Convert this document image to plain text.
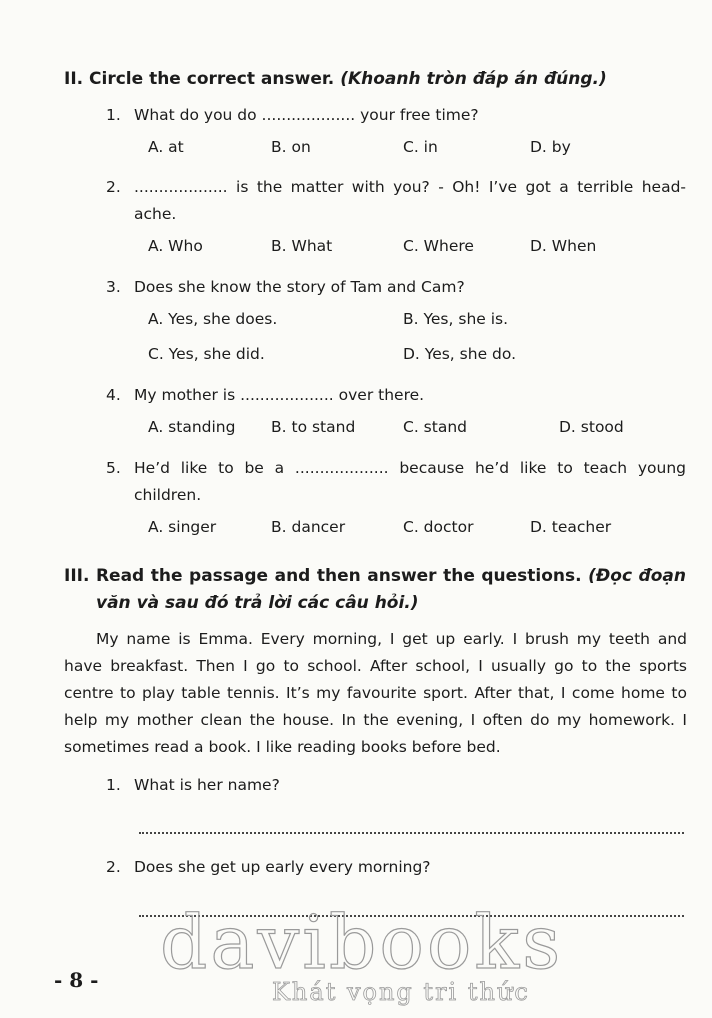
II. Circle the correct answer. (Khoanh tròn đáp án đúng.)
1. What do you do ................... your free time?
A. at	B. on	C. in	D. by
2. ................... is the matter with you? - Oh! I’ve got a terrible head-
ache.
A. Who	B. What	C. Where	D. When
3. Does she know the story of Tam and Cam?
A. Yes, she does.	B. Yes, she is.
C. Yes, she did.	D. Yes, she do.
4. My mother is ................... over there.
A. standing B. to stand	C. stand	D. stood
5. He’d like to be a ................... because he’d like to teach young
children.
A. singer	B. dancer	C. doctor	D. teacher
III. Read the passage and then answer the questions. (Đọc đoạn
văn và sau đó trả lời các câu hỏi.)
My name is Emma. Every morning, I get up early. I brush my teeth and have breakfast. Then I go to school. After school, I usually go to the sports centre to play table tennis. It’s my favourite sport. After that, I come home to help my mother clean the house. In the evening, I often do my homework. I sometimes read a book. I like reading books before bed.
1. What is her name?
2. Does she get up early every morning?
- 8 - davibooks
Khát vọng tri thức
